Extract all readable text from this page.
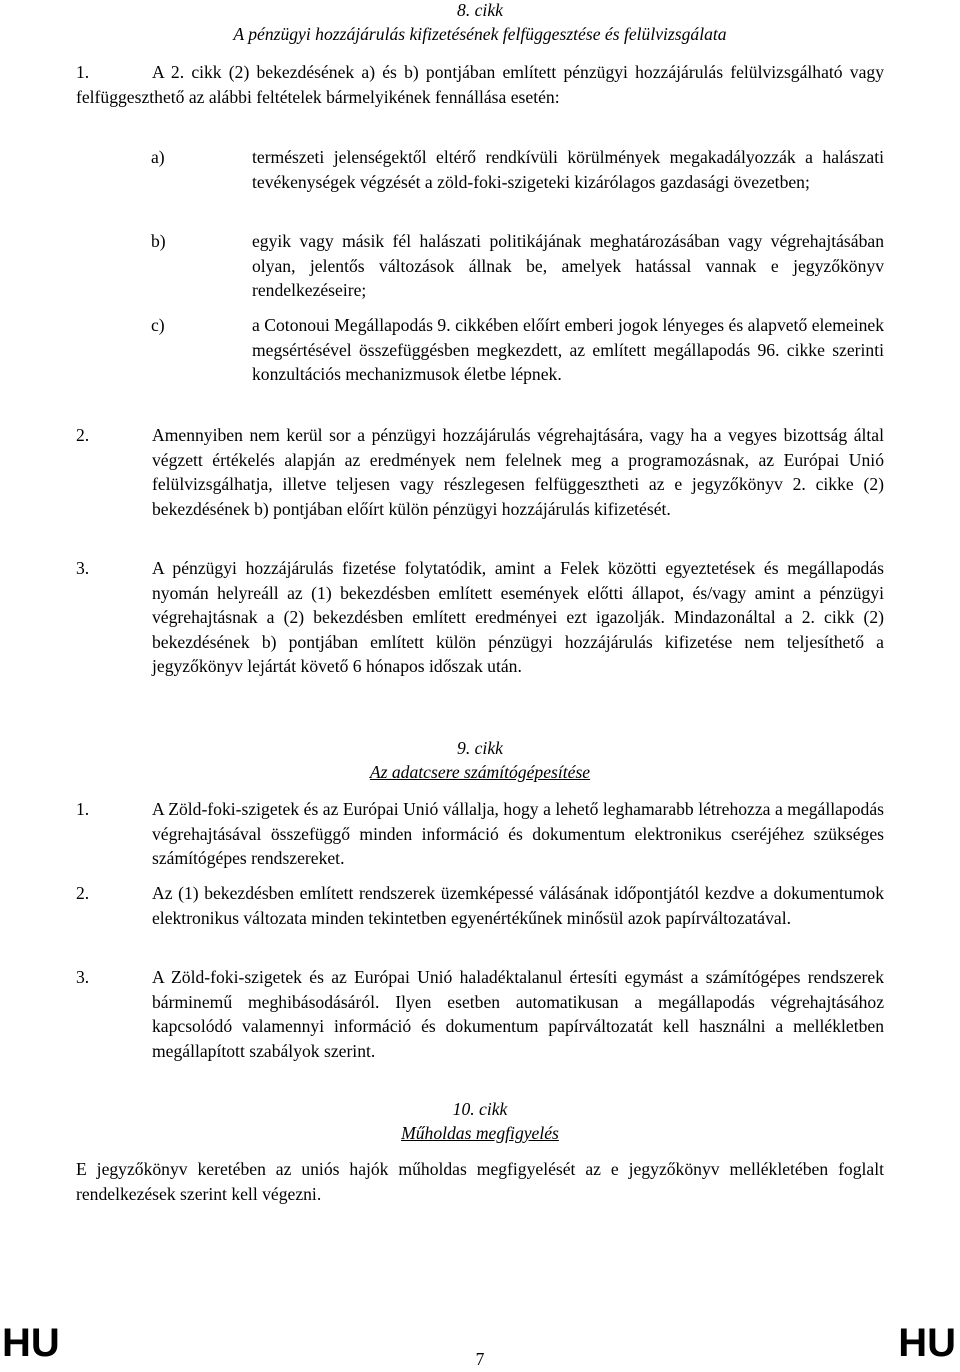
8. cikk
A pénzügyi hozzájárulás kifizetésének felfüggesztése és felülvizsgálata
1.	A 2. cikk (2) bekezdésének a) és b) pontjában említett pénzügyi hozzájárulás felülvizsgálható vagy felfüggeszthető az alábbi feltételek bármelyikének fennállása esetén:
a)	természeti jelenségektől eltérő rendkívüli körülmények megakadályozzák a halászati tevékenységek végzését a zöld-foki-szigeteki kizárólagos gazdasági övezetben;
b)	egyik vagy másik fél halászati politikájának meghatározásában vagy végrehajtásában olyan, jelentős változások állnak be, amelyek hatással vannak e jegyzőkönyv rendelkezéseire;
c)	a Cotonoui Megállapodás 9. cikkében előírt emberi jogok lényeges és alapvető elemeinek megsértésével összefüggésben megkezdett, az említett megállapodás 96. cikke szerinti konzultációs mechanizmusok életbe lépnek.
2.	Amennyiben nem kerül sor a pénzügyi hozzájárulás végrehajtására, vagy ha a vegyes bizottság által végzett értékelés alapján az eredmények nem felelnek meg a programozásnak, az Európai Unió felülvizsgálhatja, illetve teljesen vagy részlegesen felfüggesztheti az e jegyzőkönyv 2. cikke (2) bekezdésének b) pontjában előírt külön pénzügyi hozzájárulás kifizetését.
3.	A pénzügyi hozzájárulás fizetése folytatódik, amint a Felek közötti egyeztetések és megállapodás nyomán helyreáll az (1) bekezdésben említett események előtti állapot, és/vagy amint a pénzügyi végrehajtásnak a (2) bekezdésben említett eredményei ezt igazolják. Mindazonáltal a 2. cikk (2) bekezdésének b) pontjában említett külön pénzügyi hozzájárulás kifizetése nem teljesíthető a jegyzőkönyv lejártát követő 6 hónapos időszak után.
9. cikk
Az adatcsere számítógépesítése
1.	A Zöld-foki-szigetek és az Európai Unió vállalja, hogy a lehető leghamarabb létrehozza a megállapodás végrehajtásával összefüggő minden információ és dokumentum elektronikus cseréjéhez szükséges számítógépes rendszereket.
2.	Az (1) bekezdésben említett rendszerek üzemképessé válásának időpontjától kezdve a dokumentumok elektronikus változata minden tekintetben egyenértékűnek minősül azok papírváltozatával.
3.	A Zöld-foki-szigetek és az Európai Unió haladéktalanul értesíti egymást a számítógépes rendszerek bárminemű meghibásodásáról. Ilyen esetben automatikusan a megállapodás végrehajtásához kapcsolódó valamennyi információ és dokumentum papírváltozatát kell használni a mellékletben megállapított szabályok szerint.
10. cikk
Műholdas megfigyelés
E jegyzőkönyv keretében az uniós hajók műholdas megfigyelését az e jegyzőkönyv mellékletében foglalt rendelkezések szerint kell végezni.
HU	7	HU
